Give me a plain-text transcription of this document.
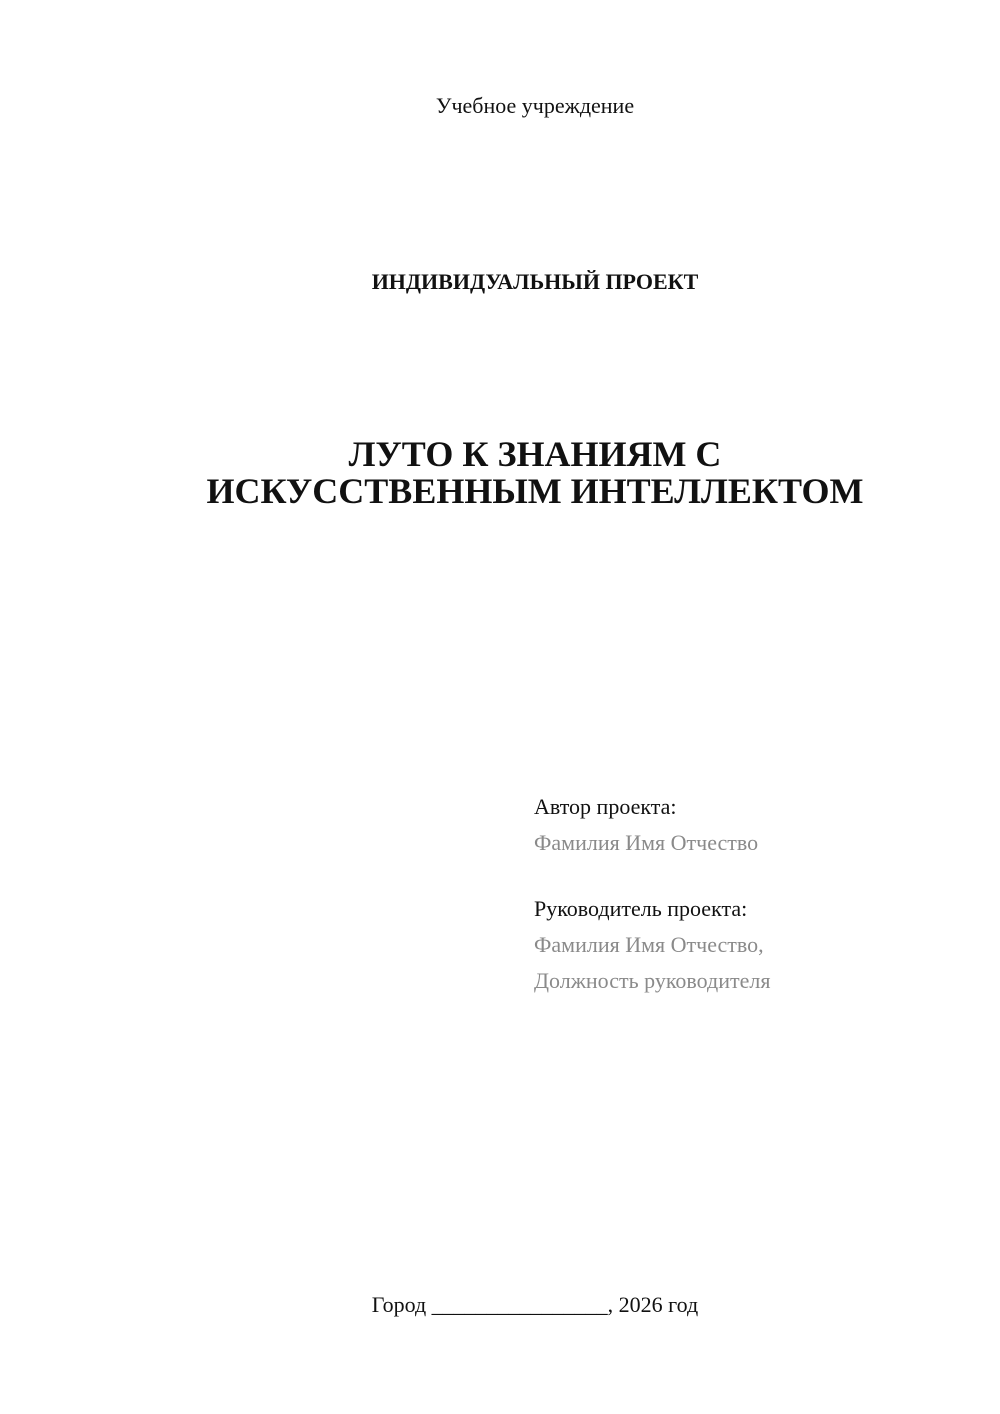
Учебное учреждение
ИНДИВИДУАЛЬНЫЙ ПРОЕКТ
ЛУТО К ЗНАНИЯМ С
ИСКУССТВЕННЫМ ИНТЕЛЛЕКТОМ
Автор проекта:
Фамилия Имя Отчество
Руководитель проекта:
Фамилия Имя Отчество,
Должность руководителя
Город ________________, 2026 год
